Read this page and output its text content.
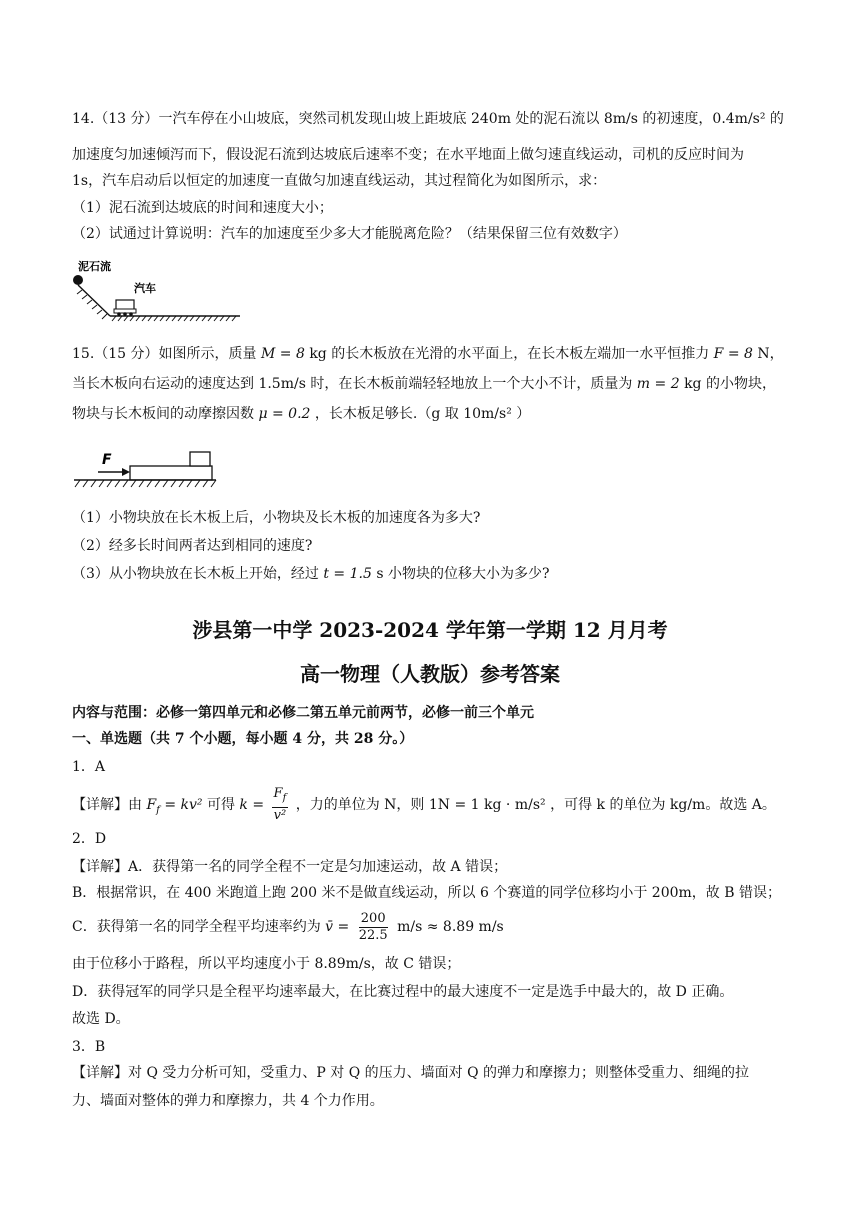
14.（13 分）一汽车停在小山坡底，突然司机发现山坡上距坡底 240m 处的泥石流以 8m/s 的初速度，0.4m/s² 的
加速度匀加速倾泻而下，假设泥石流到达坡底后速率不变；在水平地面上做匀速直线运动，司机的反应时间为
1s，汽车启动后以恒定的加速度一直做匀加速直线运动，其过程简化为如图所示，求：
（1）泥石流到达坡底的时间和速度大小；
（2）试通过计算说明：汽车的加速度至少多大才能脱离危险？（结果保留三位有效数字）
泥石流
汽车
15.（15 分）如图所示，质量 M = 8 kg 的长木板放在光滑的水平面上，在长木板左端加一水平恒推力 F = 8 N，
当长木板向右运动的速度达到 1.5m/s 时，在长木板前端轻轻地放上一个大小不计，质量为 m = 2 kg 的小物块，
物块与长木板间的动摩擦因数 μ = 0.2 ，长木板足够长.（g 取 10m/s² ）
F
（1）小物块放在长木板上后，小物块及长木板的加速度各为多大?
（2）经多长时间两者达到相同的速度?
（3）从小物块放在长木板上开始，经过 t = 1.5 s 小物块的位移大小为多少?
涉县第一中学 2023-2024 学年第一学期 12 月月考
高一物理（人教版）参考答案
内容与范围：必修一第四单元和必修二第五单元前两节，必修一前三个单元
一、单选题（共 7 个小题，每小题 4 分，共 28 分。）
1．A
【详解】由 $F_f = kv^2$ 可得 $k = \frac{F_f}{\text{v²}}$ ，力的单位为 N，则 1N = 1 kg · m/s² ，可得 k 的单位为 kg/m。故选 A。
2．D
【详解】A．获得第一名的同学全程不一定是匀加速运动，故 A 错误；
B．根据常识，在 400 米跑道上跑 200 米不是做直线运动，所以 6 个赛道的同学位移均小于 200m，故 B 错误；
C．获得第一名的同学全程平均速率约为 v̄ = $\frac{200}{22.5} m/s \approx 8.89$ m/s
由于位移小于路程，所以平均速度小于 8.89m/s，故 C 错误；
D．获得冠军的同学只是全程平均速率最大，在比赛过程中的最大速度不一定是选手中最大的，故 D 正确。
故选 D。
3．B
【详解】对 Q 受力分析可知，受重力、P 对 Q 的压力、墙面对 Q 的弹力和摩擦力；则整体受重力、细绳的拉
力、墙面对整体的弹力和摩擦力，共 4 个力作用。
